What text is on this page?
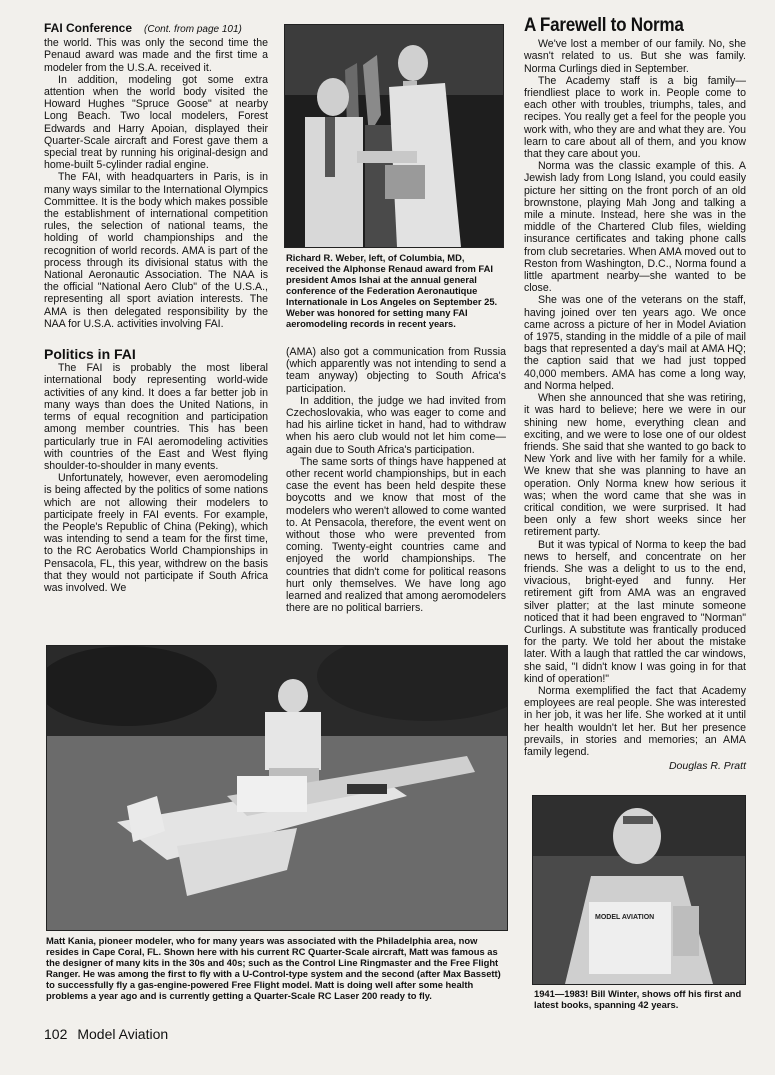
FAI Conference (Cont. from page 101)

the world. This was only the second time the Penaud award was made and the first time a modeler from the U.S.A. received it.

In addition, modeling got some extra attention when the world body visited the Howard Hughes "Spruce Goose" at nearby Long Beach. Two local modelers, Forest Edwards and Harry Apoian, displayed their Quarter-Scale aircraft and Forest gave them a special treat by running his original-design and home-built 5-cylinder radial engine.

The FAI, with headquarters in Paris, is in many ways similar to the International Olympics Committee. It is the body which makes possible the establishment of international competition rules, the selection of national teams, the holding of world championships and the recognition of world records. AMA is part of the process through its divisional status with the National Aeronautic Association. The NAA is the official "National Aero Club" of the U.S.A., representing all sport aviation interests. The AMA is then delegated responsibility by the NAA for U.S.A. activities involving FAI.

Politics in FAI

The FAI is probably the most liberal international body representing world-wide activities of any kind. It does a far better job in many ways than does the United Nations, in terms of equal recognition and participation among member countries. This has been particularly true in FAI aeromodeling activities with countries of the East and West flying shoulder-to-shoulder in many events.

Unfortunately, however, even aeromodeling is being affected by the politics of some nations which are not allowing their modelers to participate freely in FAI events. For example, the People's Republic of China (Peking), which was intending to send a team for the first time, to the RC Aerobatics World Championships in Pensacola, FL, this year, withdrew on the basis that they would not participate if South Africa was involved. We

Richard R. Weber, left, of Columbia, MD, received the Alphonse Renaud award from FAI president Amos Ishai at the annual general conference of the Federation Aeronautique Internationale in Los Angeles on September 25. Weber was honored for setting many FAI aeromodeling records in recent years.

(AMA) also got a communication from Russia (which apparently was not intending to send a team anyway) objecting to South Africa's participation.

In addition, the judge we had invited from Czechoslovakia, who was eager to come and had his airline ticket in hand, had to withdraw when his aero club would not let him come—again due to South Africa's participation.

The same sorts of things have happened at other recent world championships, but in each case the event has been held despite these boycotts and we know that most of the modelers who weren't allowed to come wanted to. At Pensacola, therefore, the event went on without those who were prevented from coming. Twenty-eight countries came and enjoyed the world championships. The countries that didn't come for political reasons hurt only themselves. We have long ago learned and realized that among aeromodelers there are no political barriers.

A Farewell to Norma

We've lost a member of our family. No, she wasn't related to us. But she was family. Norma Curlings died in September.

The Academy staff is a big family—friendliest place to work in. People come to each other with troubles, triumphs, tales, and recipes. You really get a feel for the people you work with, who they are and what they are. You learn to care about all of them, and you know that they care about you.

Norma was the classic example of this. A Jewish lady from Long Island, you could easily picture her sitting on the front porch of an old brownstone, playing Mah Jong and talking a mile a minute. Instead, here she was in the middle of the Chartered Club files, wielding insurance certificates and taking phone calls from club secretaries. When AMA moved out to Reston from Washington, D.C., Norma found a little apartment nearby—she wanted to be close.

She was one of the veterans on the staff, having joined over ten years ago. We once came across a picture of her in Model Aviation of 1975, standing in the middle of a pile of mail bags that represented a day's mail at AMA HQ; the caption said that we had just topped 40,000 members. AMA has come a long way, and Norma helped.

When she announced that she was retiring, it was hard to believe; here we were in our shining new home, everything clean and exciting, and we were to lose one of our oldest friends. She said that she wanted to go back to New York and live with her family for a while. We knew that she was planning to have an operation. Only Norma knew how serious it was; when the word came that she was in critical condition, we were surprised. It had been only a few short weeks since her retirement party.

But it was typical of Norma to keep the bad news to herself, and concentrate on her friends. She was a delight to us to the end, vivacious, bright-eyed and funny. Her retirement gift from AMA was an engraved silver platter; at the last minute someone noticed that it had been engraved to "Norman" Curlings. A substitute was frantically produced for the party. We told her about the mistake later. With a laugh that rattled the car windows, she said, "I didn't know I was going in for that kind of operation!"

Norma exemplified the fact that Academy employees are real people. She was interested in her job, it was her life. She worked at it until her health wouldn't let her. But her presence prevails, in stories and memories; an AMA family legend.

Douglas R. Pratt
Matt Kania, pioneer modeler, who for many years was associated with the Philadelphia area, now resides in Cape Coral, FL. Shown here with his current RC Quarter-Scale aircraft, Matt was famous as the designer of many kits in the 30s and 40s; such as the Control Line Ringmaster and the Free Flight Ranger. He was among the first to fly with a U-Control-type system and the second (after Max Bassett) to successfully fly a gas-engine-powered Free Flight model. Matt is doing well after some health problems a year ago and is currently getting a Quarter-Scale RC Laser 200 ready to fly.
MODEL AVIATION
1941—1983! Bill Winter, shows off his first and latest books, spanning 42 years.
102 Model Aviation
